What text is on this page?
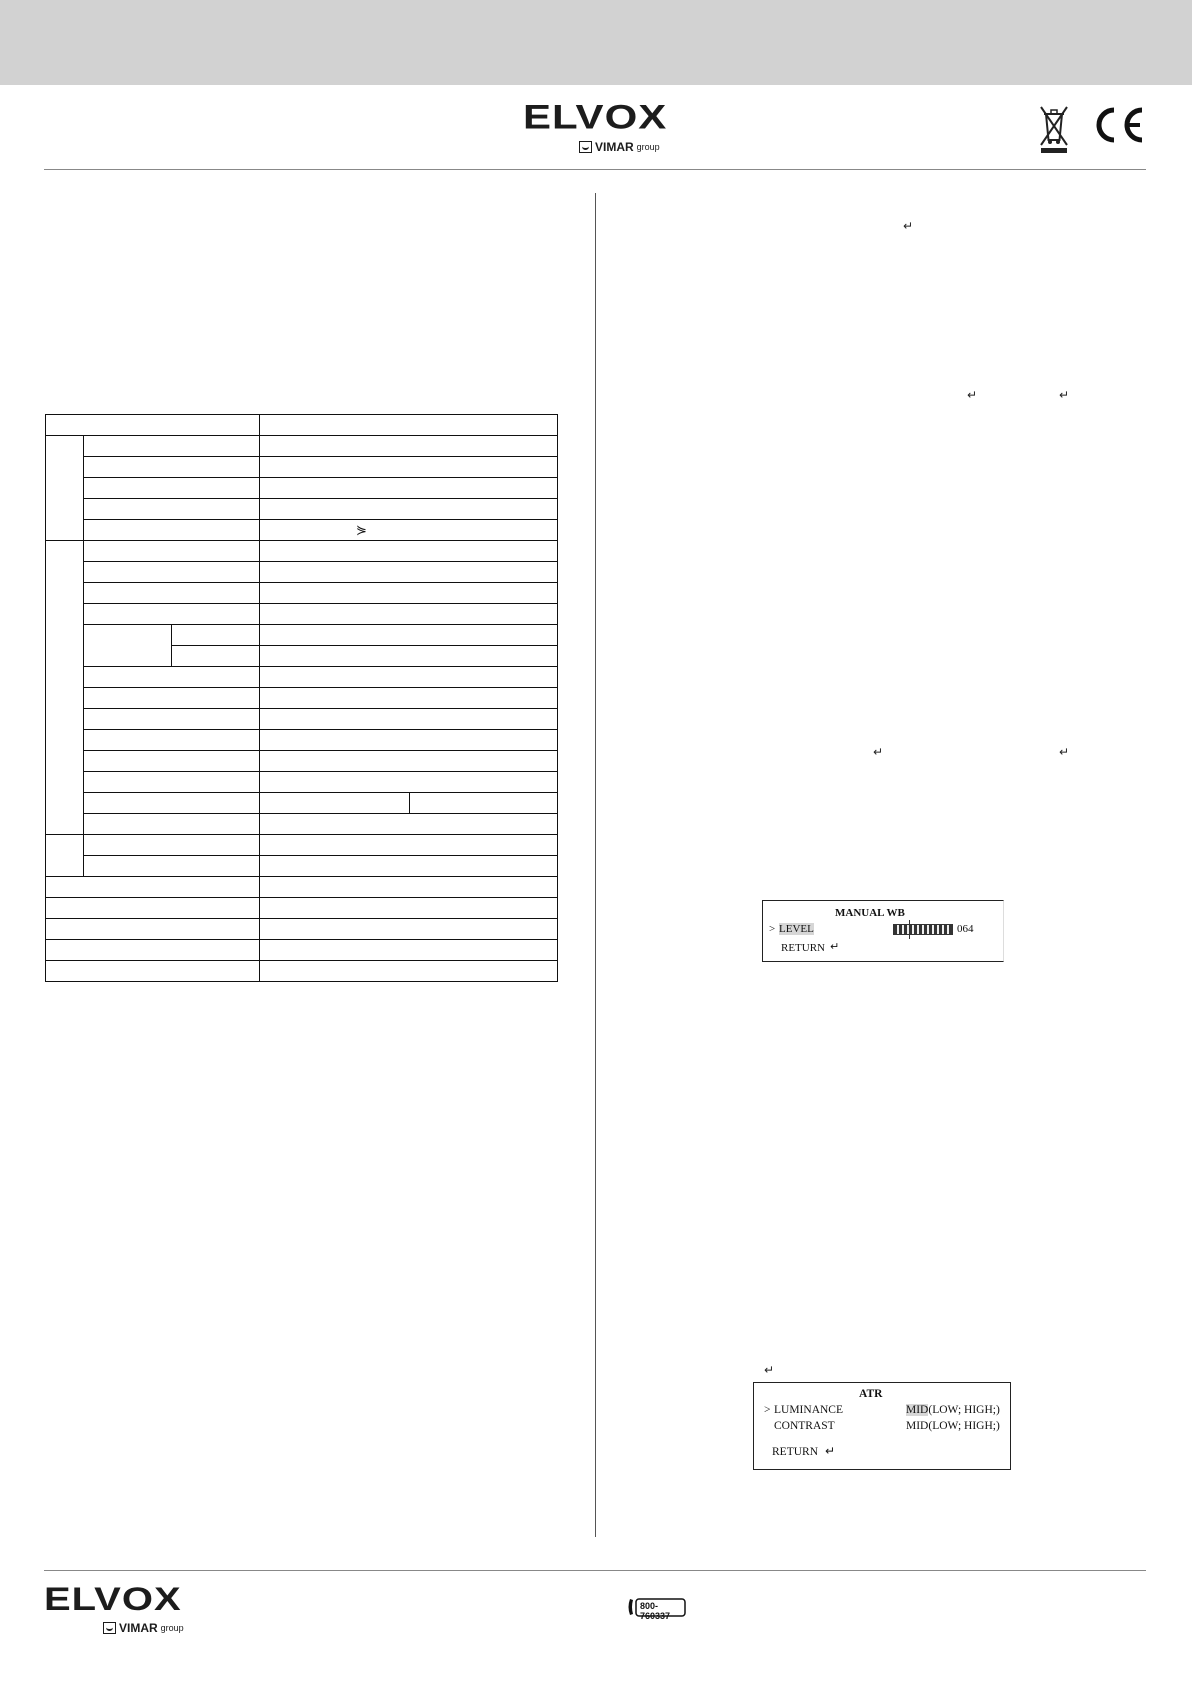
ELVOX
VIMAR group

			⋟	

↵
↵	↵
↵	↵
↵
MANUAL WB
> LEVEL	064
RETURN ↵
ATR
> LUMINANCE	MID(LOW; HIGH;)
CONTRAST	MID(LOW; HIGH;)
RETURN ↵
ELVOX
VIMAR group
800-760337
